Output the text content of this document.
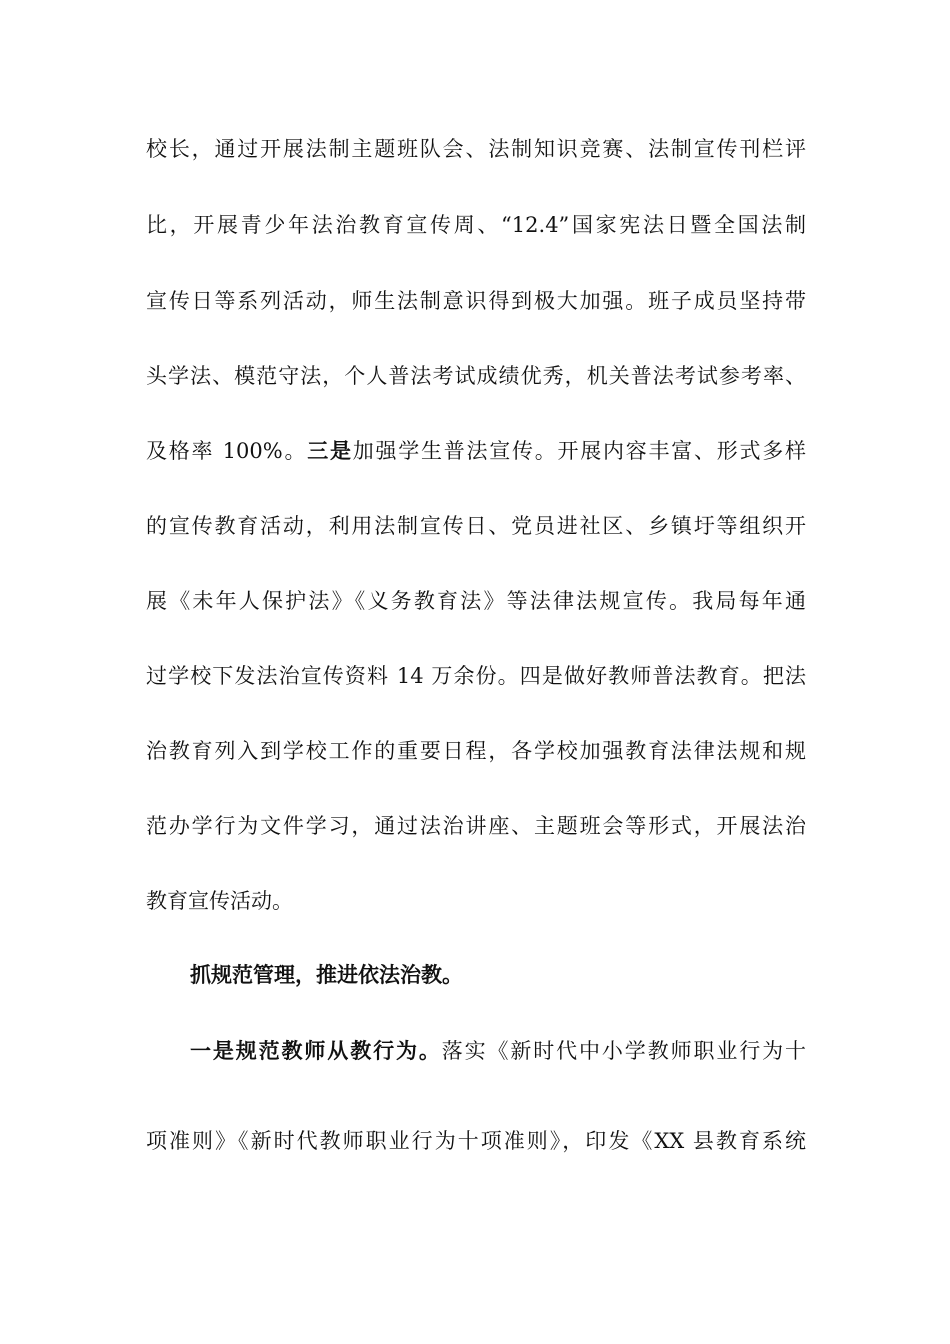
校长，通过开展法制主题班队会、法制知识竞赛、法制宣传刊栏评
比，开展青少年法治教育宣传周、“12.4”国家宪法日暨全国法制
宣传日等系列活动，师生法制意识得到极大加强。班子成员坚持带
头学法、模范守法，个人普法考试成绩优秀，机关普法考试参考率、
及格率 100%。三是加强学生普法宣传。开展内容丰富、形式多样
的宣传教育活动，利用法制宣传日、党员进社区、乡镇圩等组织开
展《未年人保护法》《义务教育法》等法律法规宣传。我局每年通
过学校下发法治宣传资料 14 万余份。四是做好教师普法教育。把法
治教育列入到学校工作的重要日程，各学校加强教育法律法规和规
范办学行为文件学习，通过法治讲座、主题班会等形式，开展法治
教育宣传活动。
抓规范管理，推进依法治教。
一是规范教师从教行为。落实《新时代中小学教师职业行为十
项准则》《新时代教师职业行为十项准则》，印发《XX 县教育系统
